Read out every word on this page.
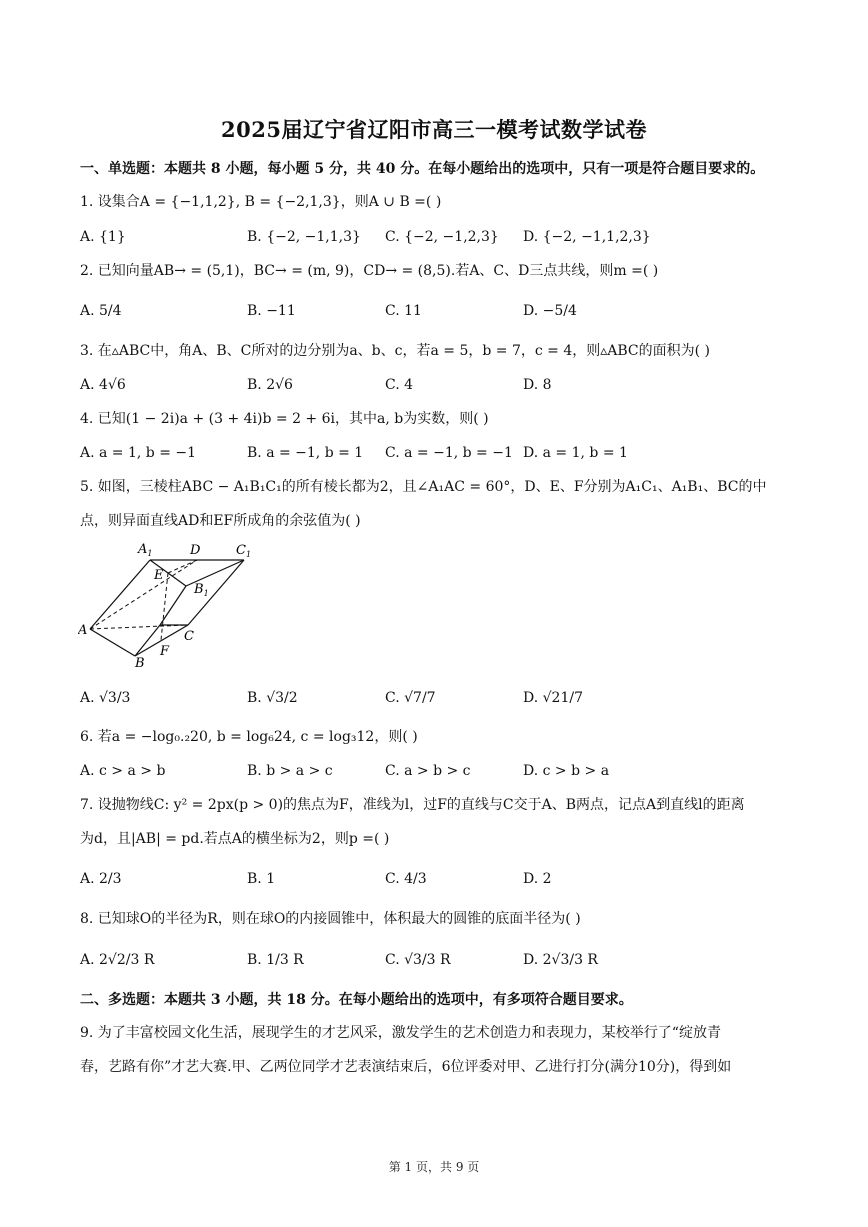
2025届辽宁省辽阳市高三一模考试数学试卷
一、单选题：本题共 8 小题，每小题 5 分，共 40 分。在每小题给出的选项中，只有一项是符合题目要求的。
1. 设集合A = {−1,1,2}, B = {−2,1,3}，则A ∪ B =( )
A. {1}	B. {−2, −1,1,3} C. {−2, −1,2,3} D. {−2, −1,1,2,3}
2. 已知向量AB→ = (5,1)，BC→ = (m, 9)，CD→ = (8,5).若A、C、D三点共线，则m =( )
A. 5/4	B. −11	C. 11	D. −5/4
3. 在▵ABC中，角A、B、C所对的边分别为a、b、c，若a = 5，b = 7，c = 4，则▵ABC的面积为( )
A. 4√6	B. 2√6	C. 4	D. 8
4. 已知(1 − 2i)a + (3 + 4i)b = 2 + 6i，其中a, b为实数，则( )
A. a = 1, b = −1	B. a = −1, b = 1 C. a = −1, b = −1 D. a = 1, b = 1
5. 如图，三棱柱ABC − A₁B₁C₁的所有棱长都为2，且∠A₁AC = 60°，D、E、F分别为A₁C₁、A₁B₁、BC的中
点，则异面直线AD和EF所成角的余弦值为( )
$A_1$	D	$C_1$
E
$B_1$
A	C
B
F
A. √3/3	B. √3/2	C. √7/7	D. √21/7
6. 若a = −log₀.₂20, b = log₆24, c = log₃12，则( )
A. c > a > b	B. b > a > c	C. a > b > c	D. c > b > a
7. 设抛物线C: y² = 2px(p > 0)的焦点为F，准线为l，过F的直线与C交于A、B两点，记点A到直线l的距离
为d，且|AB| = pd.若点A的横坐标为2，则p =( )
A. 2/3	B. 1	C. 4/3	D. 2
8. 已知球O的半径为R，则在球O的内接圆锥中，体积最大的圆锥的底面半径为( )
A. 2√2/3 R	B. 1/3 R	C. √3/3 R	D. 2√3/3 R
二、多选题：本题共 3 小题，共 18 分。在每小题给出的选项中，有多项符合题目要求。
9. 为了丰富校园文化生活，展现学生的才艺风采，激发学生的艺术创造力和表现力，某校举行了“绽放青
春，艺路有你”才艺大赛.甲、乙两位同学才艺表演结束后，6位评委对甲、乙进行打分(满分10分)，得到如
第 1 页，共 9 页
